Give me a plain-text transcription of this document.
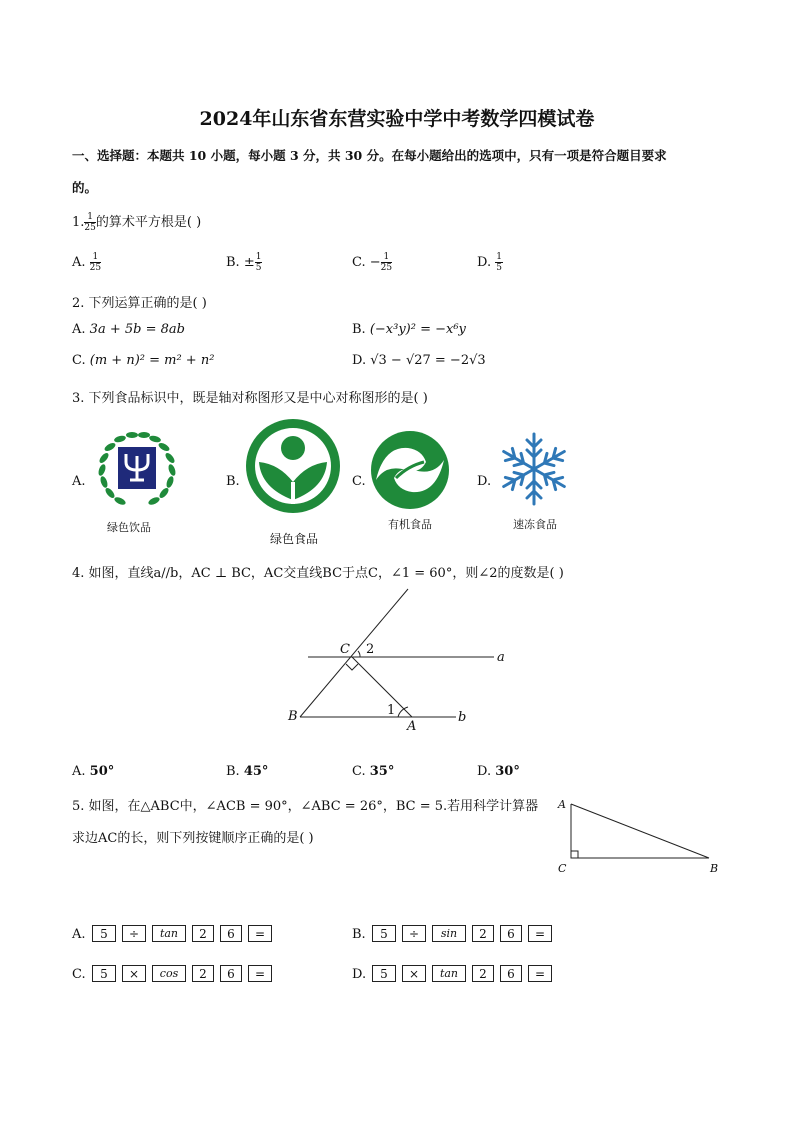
2024年山东省东营实验中学中考数学四模试卷
一、选择题：本题共 10 小题，每小题 3 分，共 30 分。在每小题给出的选项中，只有一项是符合题目要求
的。
1. $\frac{1}{25}$ 的算术平方根是( )
A. $\frac{1}{25}$	B. ± $\frac{1}{5}$	C. − $\frac{1}{25}$	D. $\frac{1}{5}$
2. 下列运算正确的是( )
A. 3a + 5b = 8ab	B. (−x³y)² = −x⁶y
C. (m + n)² = m² + n²	D. √3 − √27 = −2√3
3. 下列食品标识中，既是轴对称图形又是中心对称图形的是( )
A.
绿色饮品
B.
绿色食品
C.
有机食品
D.
速冻食品
4. 如图，直线a//b，AC ⊥ BC，AC交直线BC于点C，∠1 = 60°，则∠2的度数是( )
C 2
a
B	1
A
b
A. 50°	B. 45°	C. 35°	D. 30°
5. 如图，在△ABC中，∠ACB = 90°，∠ABC = 26°，BC = 5.若用科学计算器
求边AC的长，则下列按键顺序正确的是( )
A
C	B
A.	5	÷	tan	2	6	=	B.	5	÷	sin	2	6	=
C.	5	×	cos	2	6	=	D.	5	×	tan	2	6	=
